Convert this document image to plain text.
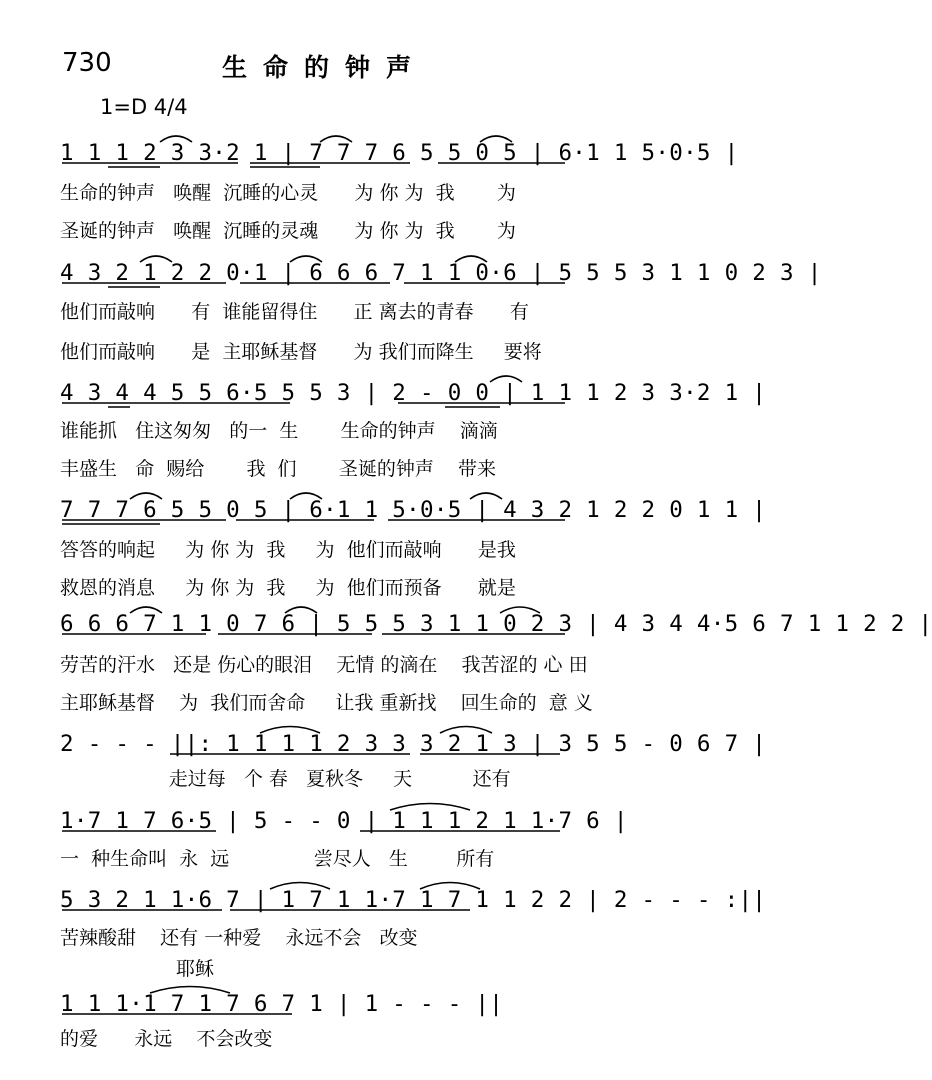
730	生命的钟声
1=D 4/4
1 1 1 2 3 3·2 1 | 7 7 7 6 5 5 0 5 | 6·1 1 5·0·5 |
生命的钟声   唤醒  沉睡的心灵      为 你 为  我       为
圣诞的钟声   唤醒  沉睡的灵魂      为 你 为  我       为
4 3 2 1 2 2 0·1 | 6 6 6 7 1 1 0·6 | 5 5 5 3 1 1 0 2 3 |
他们而敲响      有  谁能留得住      正 离去的青春      有
他们而敲响      是  主耶稣基督      为 我们而降生     要将
4 3 4 4 5 5 6·5 5 5 3 | 2 - 0 0 | 1 1 1 2 3 3·2 1 |
谁能抓   住这匆匆   的一  生       生命的钟声    滴滴
丰盛生   命  赐给       我  们       圣诞的钟声    带来
7 7 7 6 5 5 0 5 | 6·1 1 5·0·5 | 4 3 2 1 2 2 0 1 1 |
答答的响起     为 你 为  我     为  他们而敲响      是我
救恩的消息     为 你 为  我     为  他们而预备      就是
6 6 6 7 1 1 0 7 6 | 5 5 5 3 1 1 0 2 3 | 4 3 4 4·5 6 7 1 1 2 2 |
劳苦的汗水   还是 伤心的眼泪    无情 的滴在    我苦涩的 心 田
主耶稣基督    为  我们而舍命     让我 重新找    回生命的  意 义
2 - - - ||: 1 1 1 1 2 3 3 3 2 1 3 | 3 5 5 - 0 6 7 |
走过每   个 春   夏秋冬     天          还有
1·7 1 7 6·5 | 5 - - 0 | 1 1 1 2 1 1·7 6 |
一  种生命叫  永  远              尝尽人   生        所有
5 3 2 1 1·6 7 | 1 7 1 1·7 1 7 1 1 2 2 | 2 - - - :||
苦辣酸甜    还有 一种爱    永远不会   改变
耶稣
1 1 1·1 7 1 7 6 7 1 | 1 - - - ||
的爱      永远    不会改变
